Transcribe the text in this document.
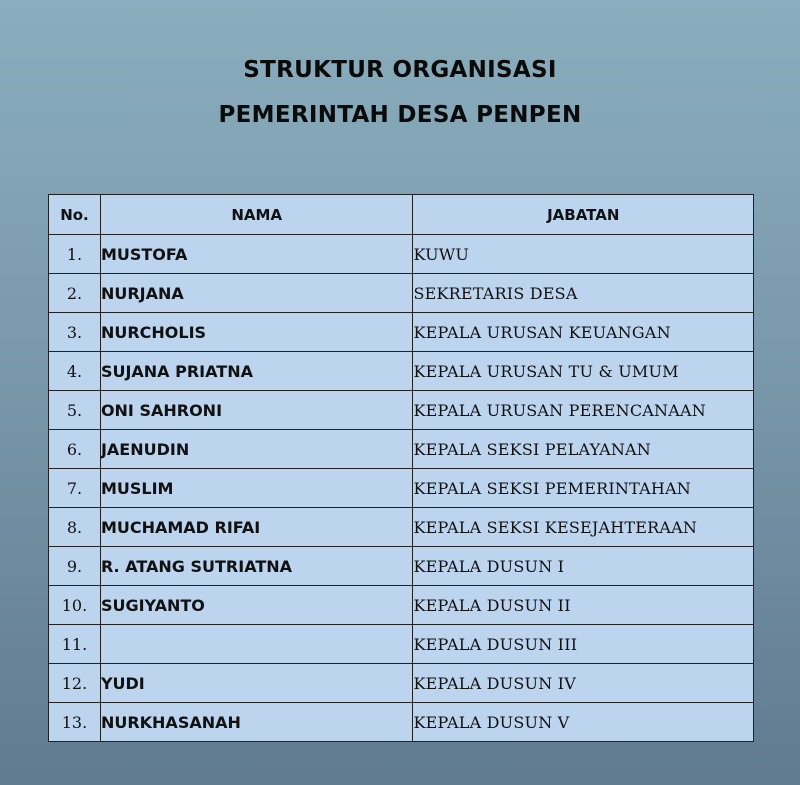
STRUKTUR ORGANISASI
PEMERINTAH DESA PENPEN
No.	NAMA	JABATAN
1.	MUSTOFA	KUWU
2.	NURJANA	SEKRETARIS DESA
3.	NURCHOLIS	KEPALA URUSAN KEUANGAN
4.	SUJANA PRIATNA	KEPALA URUSAN TU & UMUM
5.	ONI SAHRONI	KEPALA URUSAN PERENCANAAN
6.	JAENUDIN	KEPALA SEKSI PELAYANAN
7.	MUSLIM	KEPALA SEKSI PEMERINTAHAN
8.	MUCHAMAD RIFAI	KEPALA SEKSI KESEJAHTERAAN
9.	R. ATANG SUTRIATNA	KEPALA DUSUN I
10.	SUGIYANTO	KEPALA DUSUN II
11.		KEPALA DUSUN III
12.	YUDI	KEPALA DUSUN IV
13.	NURKHASANAH	KEPALA DUSUN V
